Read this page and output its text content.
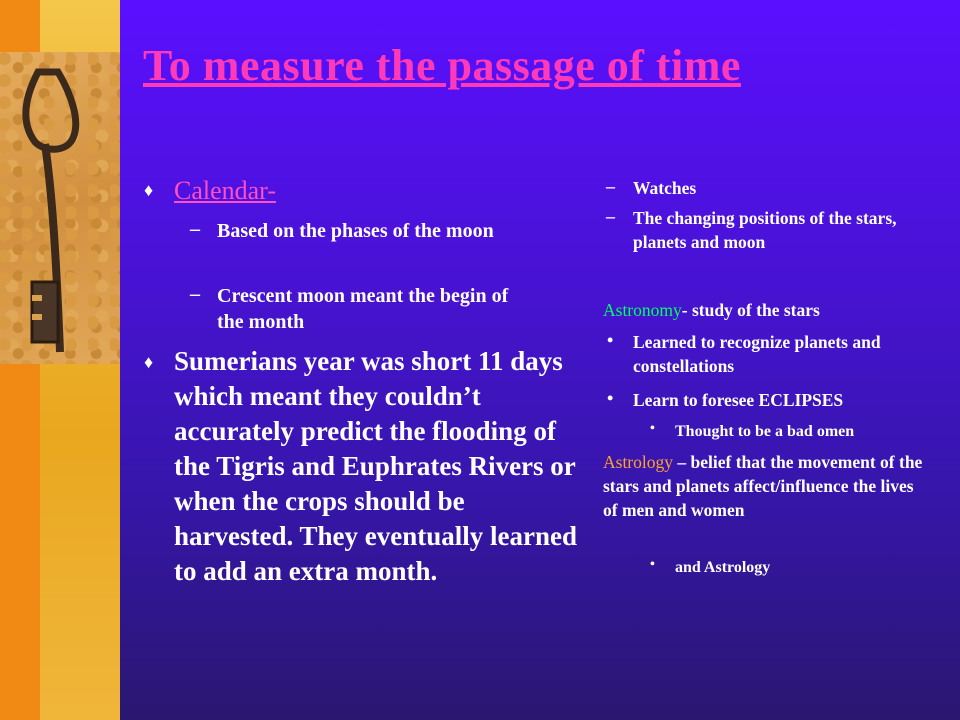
To measure the passage of time
♦ Calendar-
– Based on the phases of the moon
– Crescent moon meant the begin of the month
♦ Sumerians year was short 11 days which meant they couldn’t accurately predict the flooding of the Tigris and Euphrates Rivers or when the crops should be harvested. They eventually learned to add an extra month.
– Watches
– The changing positions of the stars, planets and moon
Astronomy- study of the stars
• Learned to recognize planets and constellations
• Learn to foresee ECLIPSES
• Thought to be a bad omen
Astrology – belief that the movement of the stars and planets affect/influence the lives of men and women
• and Astrology
